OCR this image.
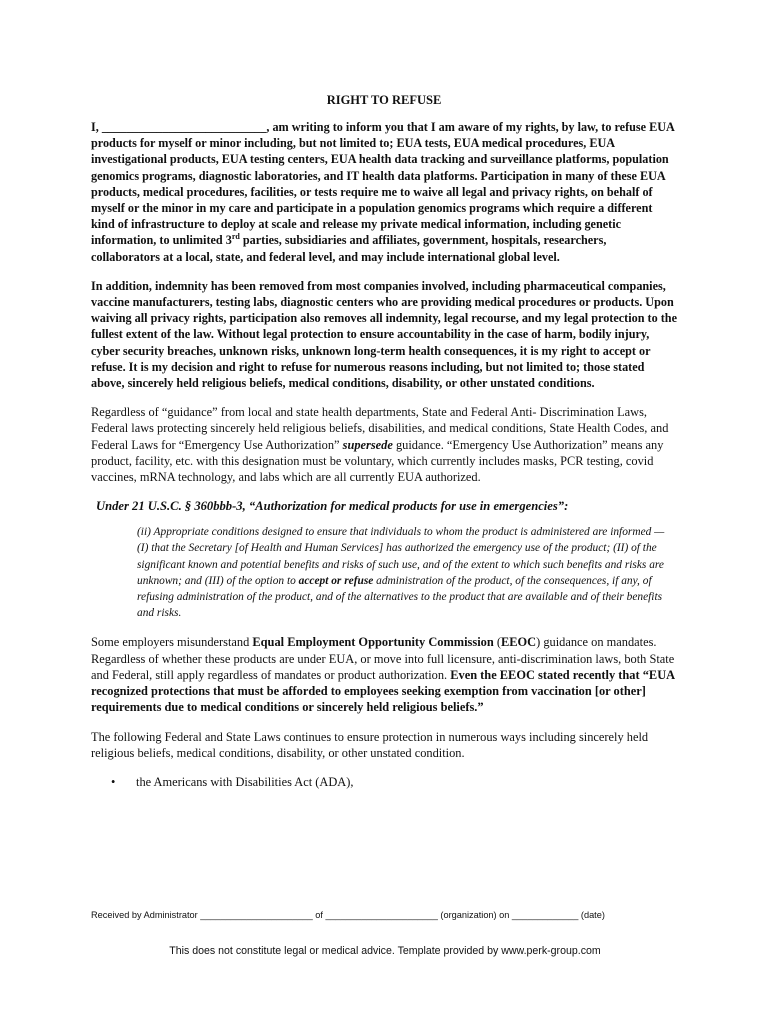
RIGHT TO REFUSE

I, ___________________________, am writing to inform you that I am aware of my rights, by law, to refuse EUA products for myself or minor including, but not limited to; EUA tests, EUA medical procedures, EUA investigational products, EUA testing centers, EUA health data tracking and surveillance platforms, population genomics programs, diagnostic laboratories, and IT health data platforms. Participation in many of these EUA products, medical procedures, facilities, or tests require me to waive all legal and privacy rights, on behalf of myself or the minor in my care and participate in a population genomics programs which require a different kind of infrastructure to deploy at scale and release my private medical information, including genetic information, to unlimited 3rd parties, subsidiaries and affiliates, government, hospitals, researchers, collaborators at a local, state, and federal level, and may include international global level.

In addition, indemnity has been removed from most companies involved, including pharmaceutical companies, vaccine manufacturers, testing labs, diagnostic centers who are providing medical procedures or products. Upon waiving all privacy rights, participation also removes all indemnity, legal recourse, and my legal protection to the fullest extent of the law. Without legal protection to ensure accountability in the case of harm, bodily injury, cyber security breaches, unknown risks, unknown long-term health consequences, it is my right to accept or refuse. It is my decision and right to refuse for numerous reasons including, but not limited to; those stated above, sincerely held religious beliefs, medical conditions, disability, or other unstated conditions.

Regardless of “guidance” from local and state health departments, State and Federal Anti- Discrimination Laws, Federal laws protecting sincerely held religious beliefs, disabilities, and medical conditions, State Health Codes, and Federal Laws for “Emergency Use Authorization” supersede guidance. “Emergency Use Authorization” means any product, facility, etc. with this designation must be voluntary, which currently includes masks, PCR testing, covid vaccines, mRNA technology, and labs which are all currently EUA authorized.

Under 21 U.S.C. § 360bbb-3, “Authorization for medical products for use in emergencies”:

(ii) Appropriate conditions designed to ensure that individuals to whom the product is administered are informed — (I) that the Secretary [of Health and Human Services] has authorized the emergency use of the product; (II) of the significant known and potential benefits and risks of such use, and of the extent to which such benefits and risks are unknown; and (III) of the option to accept or refuse administration of the product, of the consequences, if any, of refusing administration of the product, and of the alternatives to the product that are available and of their benefits and risks.

Some employers misunderstand Equal Employment Opportunity Commission (EEOC) guidance on mandates. Regardless of whether these products are under EUA, or move into full licensure, anti-discrimination laws, both State and Federal, still apply regardless of mandates or product authorization. Even the EEOC stated recently that “EUA recognized protections that must be afforded to employees seeking exemption from vaccination [or other] requirements due to medical conditions or sincerely held religious beliefs.”

The following Federal and State Laws continues to ensure protection in numerous ways including sincerely held religious beliefs, medical conditions, disability, or other unstated condition.

• the Americans with Disabilities Act (ADA),
Received by Administrator ______________________ of ______________________ (organization) on _____________ (date)
This does not constitute legal or medical advice. Template provided by www.perk-group.com
